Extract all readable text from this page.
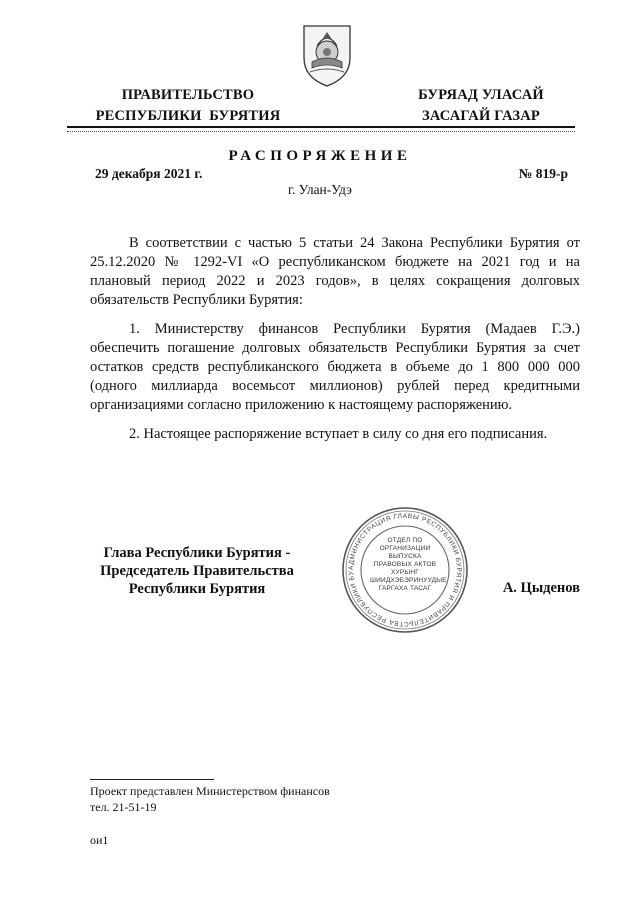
ПРАВИТЕЛЬСТВО
РЕСПУБЛИКИ  БУРЯТИЯ
БУРЯАД УЛАСАЙ
ЗАСАГАЙ ГАЗАР
РАСПОРЯЖЕНИЕ
29 декабря 2021 г.	№ 819-р
г. Улан-Удэ

В соответствии с частью 5 статьи 24 Закона Республики Бурятия от 25.12.2020 № 1292-VI «О республиканском бюджете на 2021 год и на плановый период 2022 и 2023 годов», в целях сокращения долговых обязательств Республики Бурятия:

1. Министерству финансов Республики Бурятия (Мадаев Г.Э.) обеспечить погашение долговых обязательств Республики Бурятия за счет остатков средств республиканского бюджета в объеме до 1 800 000 000 (одного миллиарда восемьсот миллионов) рублей перед кредитными организациями согласно приложению к настоящему распоряжению.

2. Настоящее распоряжение вступает в силу со дня его подписания.

АДМИНИСТРАЦИЯ ГЛАВЫ РЕСПУБЛИКИ БУРЯТИЯ И ПРАВИТЕЛЬСТВА РЕСПУБЛИКИ БУ
ОТДЕЛ ПО ОРГАНИЗАЦИИ ВЫПУСКА ПРАВОВЫХ АКТОВ ХУРЫНГ ШИИДХЭБЭРИНУУДЫЕ ГАРГАХА ТАСАГ
Глава Республики Бурятия -
Председатель Правительства
Республики Бурятия	А. Цыденов
Проект представлен Министерством финансов
тел. 21-51-19
ои1
